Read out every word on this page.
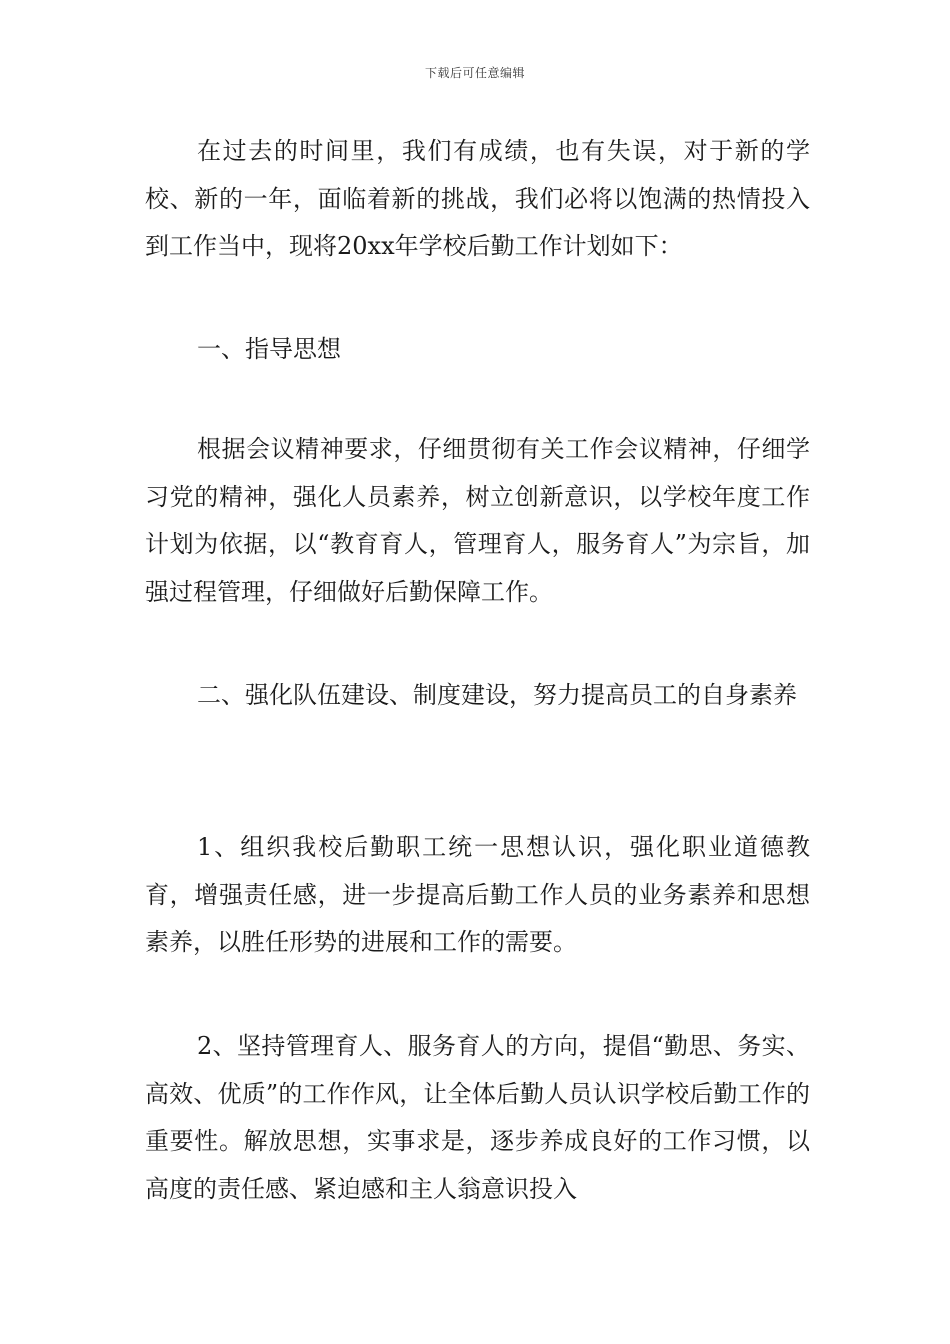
下载后可任意编辑

在过去的时间里，我们有成绩，也有失误，对于新的学校、新的一年，面临着新的挑战，我们必将以饱满的热情投入到工作当中，现将20xx年学校后勤工作计划如下：

一、指导思想

根据会议精神要求，仔细贯彻有关工作会议精神，仔细学习党的精神，强化人员素养，树立创新意识，以学校年度工作计划为依据，以“教育育人，管理育人，服务育人”为宗旨，加强过程管理，仔细做好后勤保障工作。

二、强化队伍建设、制度建设，努力提高员工的自身素养

1、组织我校后勤职工统一思想认识，强化职业道德教育，增强责任感，进一步提高后勤工作人员的业务素养和思想素养，以胜任形势的进展和工作的需要。

2、坚持管理育人、服务育人的方向，提倡“勤思、务实、高效、优质”的工作作风，让全体后勤人员认识学校后勤工作的重要性。解放思想，实事求是，逐步养成良好的工作习惯，以高度的责任感、紧迫感和主人翁意识投入
